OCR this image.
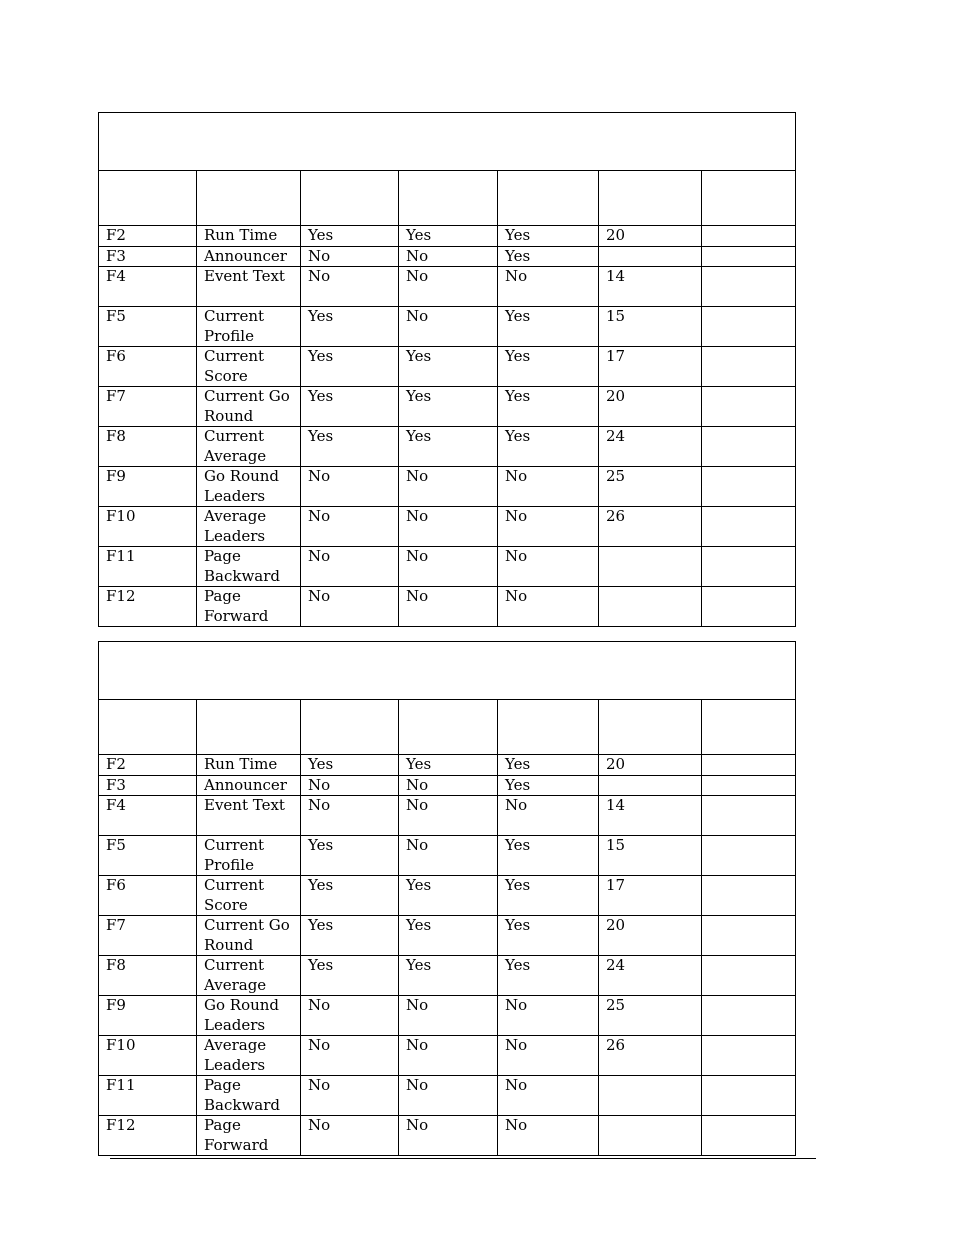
F2	Run Time	Yes	Yes	Yes	20	
F3	Announcer	No	No	Yes		
F4	Event Text	No	No	No	14	
F5	Current Profile	Yes	No	Yes	15	
F6	Current Score	Yes	Yes	Yes	17	
F7	Current Go Round	Yes	Yes	Yes	20	
F8	Current Average	Yes	Yes	Yes	24	
F9	Go Round Leaders	No	No	No	25	
F10	Average Leaders	No	No	No	26	
F11	Page Backward	No	No	No		
F12	Page Forward	No	No	No		

F2	Run Time	Yes	Yes	Yes	20	
F3	Announcer	No	No	Yes		
F4	Event Text	No	No	No	14	
F5	Current Profile	Yes	No	Yes	15	
F6	Current Score	Yes	Yes	Yes	17	
F7	Current Go Round	Yes	Yes	Yes	20	
F8	Current Average	Yes	Yes	Yes	24	
F9	Go Round Leaders	No	No	No	25	
F10	Average Leaders	No	No	No	26	
F11	Page Backward	No	No	No		
F12	Page Forward	No	No	No		
